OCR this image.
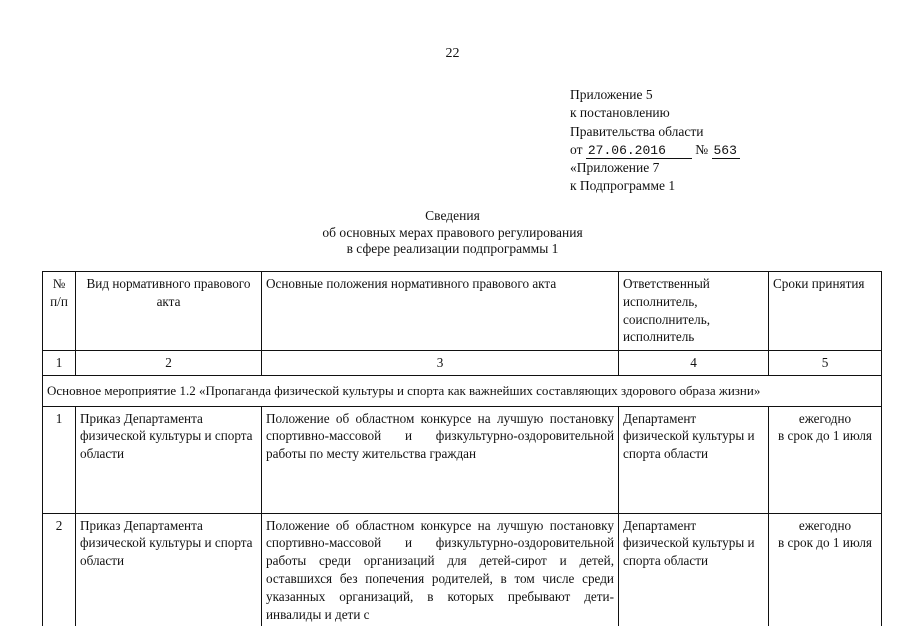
22
Приложение 5
к постановлению
Правительства области
от 27.06.2016 № 563
«Приложение 7
к Подпрограмме 1
Сведения
об основных мерах правового регулирования
в сфере реализации подпрограммы 1
№ п/п	Вид нормативного правового акта	Основные положения нормативного правового акта	Ответственный исполнитель, соисполнитель, исполнитель	Сроки принятия
1	2	3	4	5
Основное мероприятие 1.2 «Пропаганда физической культуры и спорта как важнейших составляющих здорового образа жизни»				
1	Приказ Департамента физической культуры и спорта области	Положение об областном конкурсе на лучшую постановку спортивно-массовой и физкультурно-оздоровительной работы по месту жительства граждан	Департамент физической культуры и спорта области	ежегодно
в срок до 1 июля

2	Приказ Департамента физической культуры и спорта области	Положение об областном конкурсе на лучшую постановку спортивно-массовой и физкультурно-оздоровительной работы среди организаций для детей-сирот и детей, оставшихся без попечения родителей, в том числе среди указанных организаций, в которых пребывают дети-инвалиды и дети с	Департамент физической культуры и спорта области	ежегодно
в срок до 1 июля
